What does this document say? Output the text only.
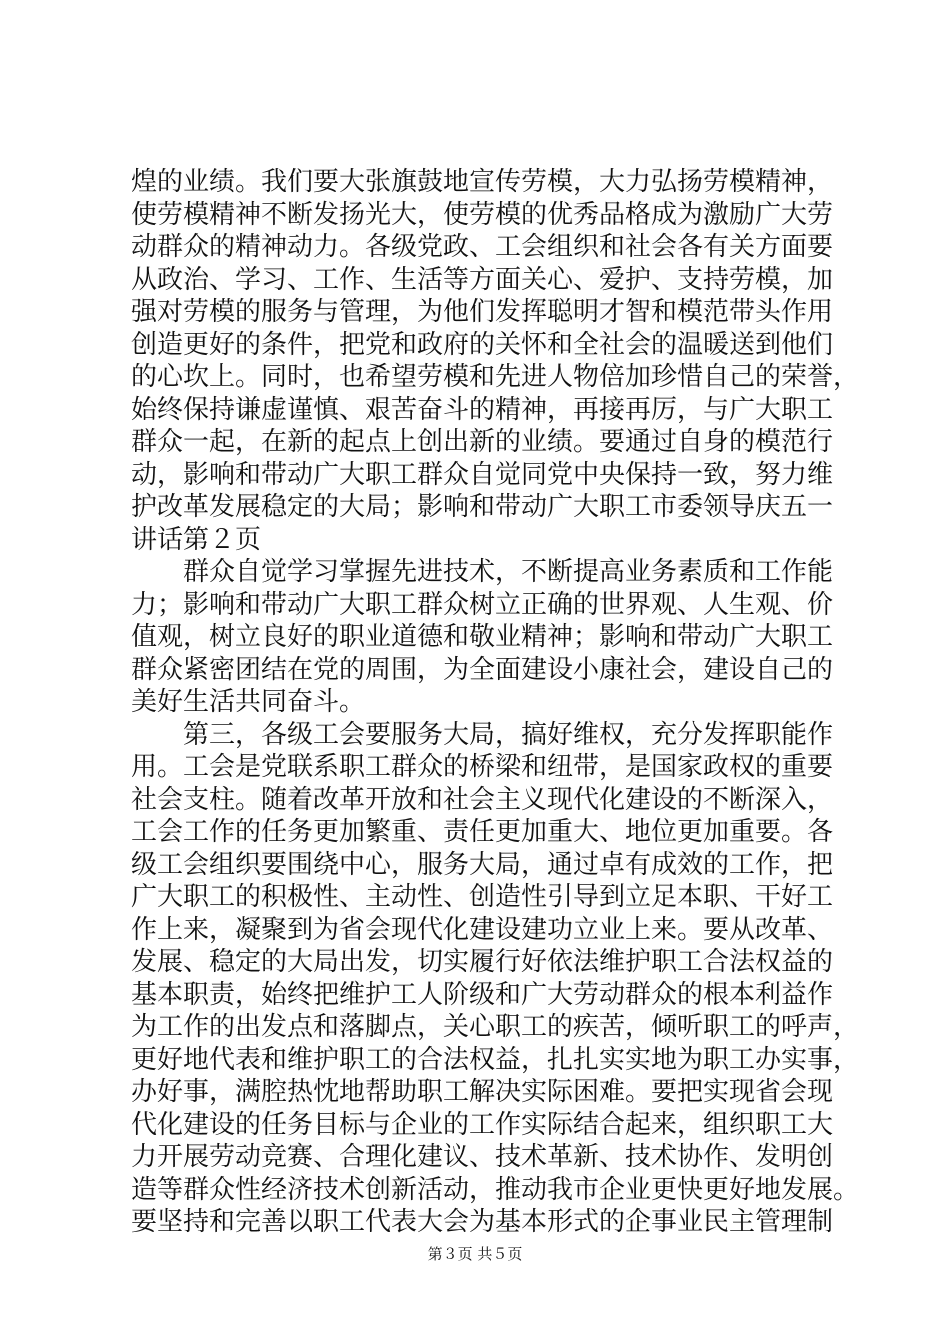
煌的业绩。我们要大张旗鼓地宣传劳模，大力弘扬劳模精神，
使劳模精神不断发扬光大，使劳模的优秀品格成为激励广大劳
动群众的精神动力。各级党政、工会组织和社会各有关方面要
从政治、学习、工作、生活等方面关心、爱护、支持劳模，加
强对劳模的服务与管理，为他们发挥聪明才智和模范带头作用
创造更好的条件，把党和政府的关怀和全社会的温暖送到他们
的心坎上。同时，也希望劳模和先进人物倍加珍惜自己的荣誉，
始终保持谦虚谨慎、艰苦奋斗的精神，再接再厉，与广大职工
群众一起，在新的起点上创出新的业绩。要通过自身的模范行
动，影响和带动广大职工群众自觉同党中央保持一致，努力维
护改革发展稳定的大局；影响和带动广大职工市委领导庆五一
讲话第２页
群众自觉学习掌握先进技术，不断提高业务素质和工作能
力；影响和带动广大职工群众树立正确的世界观、人生观、价
值观，树立良好的职业道德和敬业精神；影响和带动广大职工
群众紧密团结在党的周围，为全面建设小康社会，建设自己的
美好生活共同奋斗。
第三，各级工会要服务大局，搞好维权，充分发挥职能作
用。工会是党联系职工群众的桥梁和纽带，是国家政权的重要
社会支柱。随着改革开放和社会主义现代化建设的不断深入，
工会工作的任务更加繁重、责任更加重大、地位更加重要。各
级工会组织要围绕中心，服务大局，通过卓有成效的工作，把
广大职工的积极性、主动性、创造性引导到立足本职、干好工
作上来，凝聚到为省会现代化建设建功立业上来。要从改革、
发展、稳定的大局出发，切实履行好依法维护职工合法权益的
基本职责，始终把维护工人阶级和广大劳动群众的根本利益作
为工作的出发点和落脚点，关心职工的疾苦，倾听职工的呼声，
更好地代表和维护职工的合法权益，扎扎实实地为职工办实事，
办好事，满腔热忱地帮助职工解决实际困难。要把实现省会现
代化建设的任务目标与企业的工作实际结合起来，组织职工大
力开展劳动竞赛、合理化建议、技术革新、技术协作、发明创
造等群众性经济技术创新活动，推动我市企业更快更好地发展。
要坚持和完善以职工代表大会为基本形式的企事业民主管理制
第３页 共５页
